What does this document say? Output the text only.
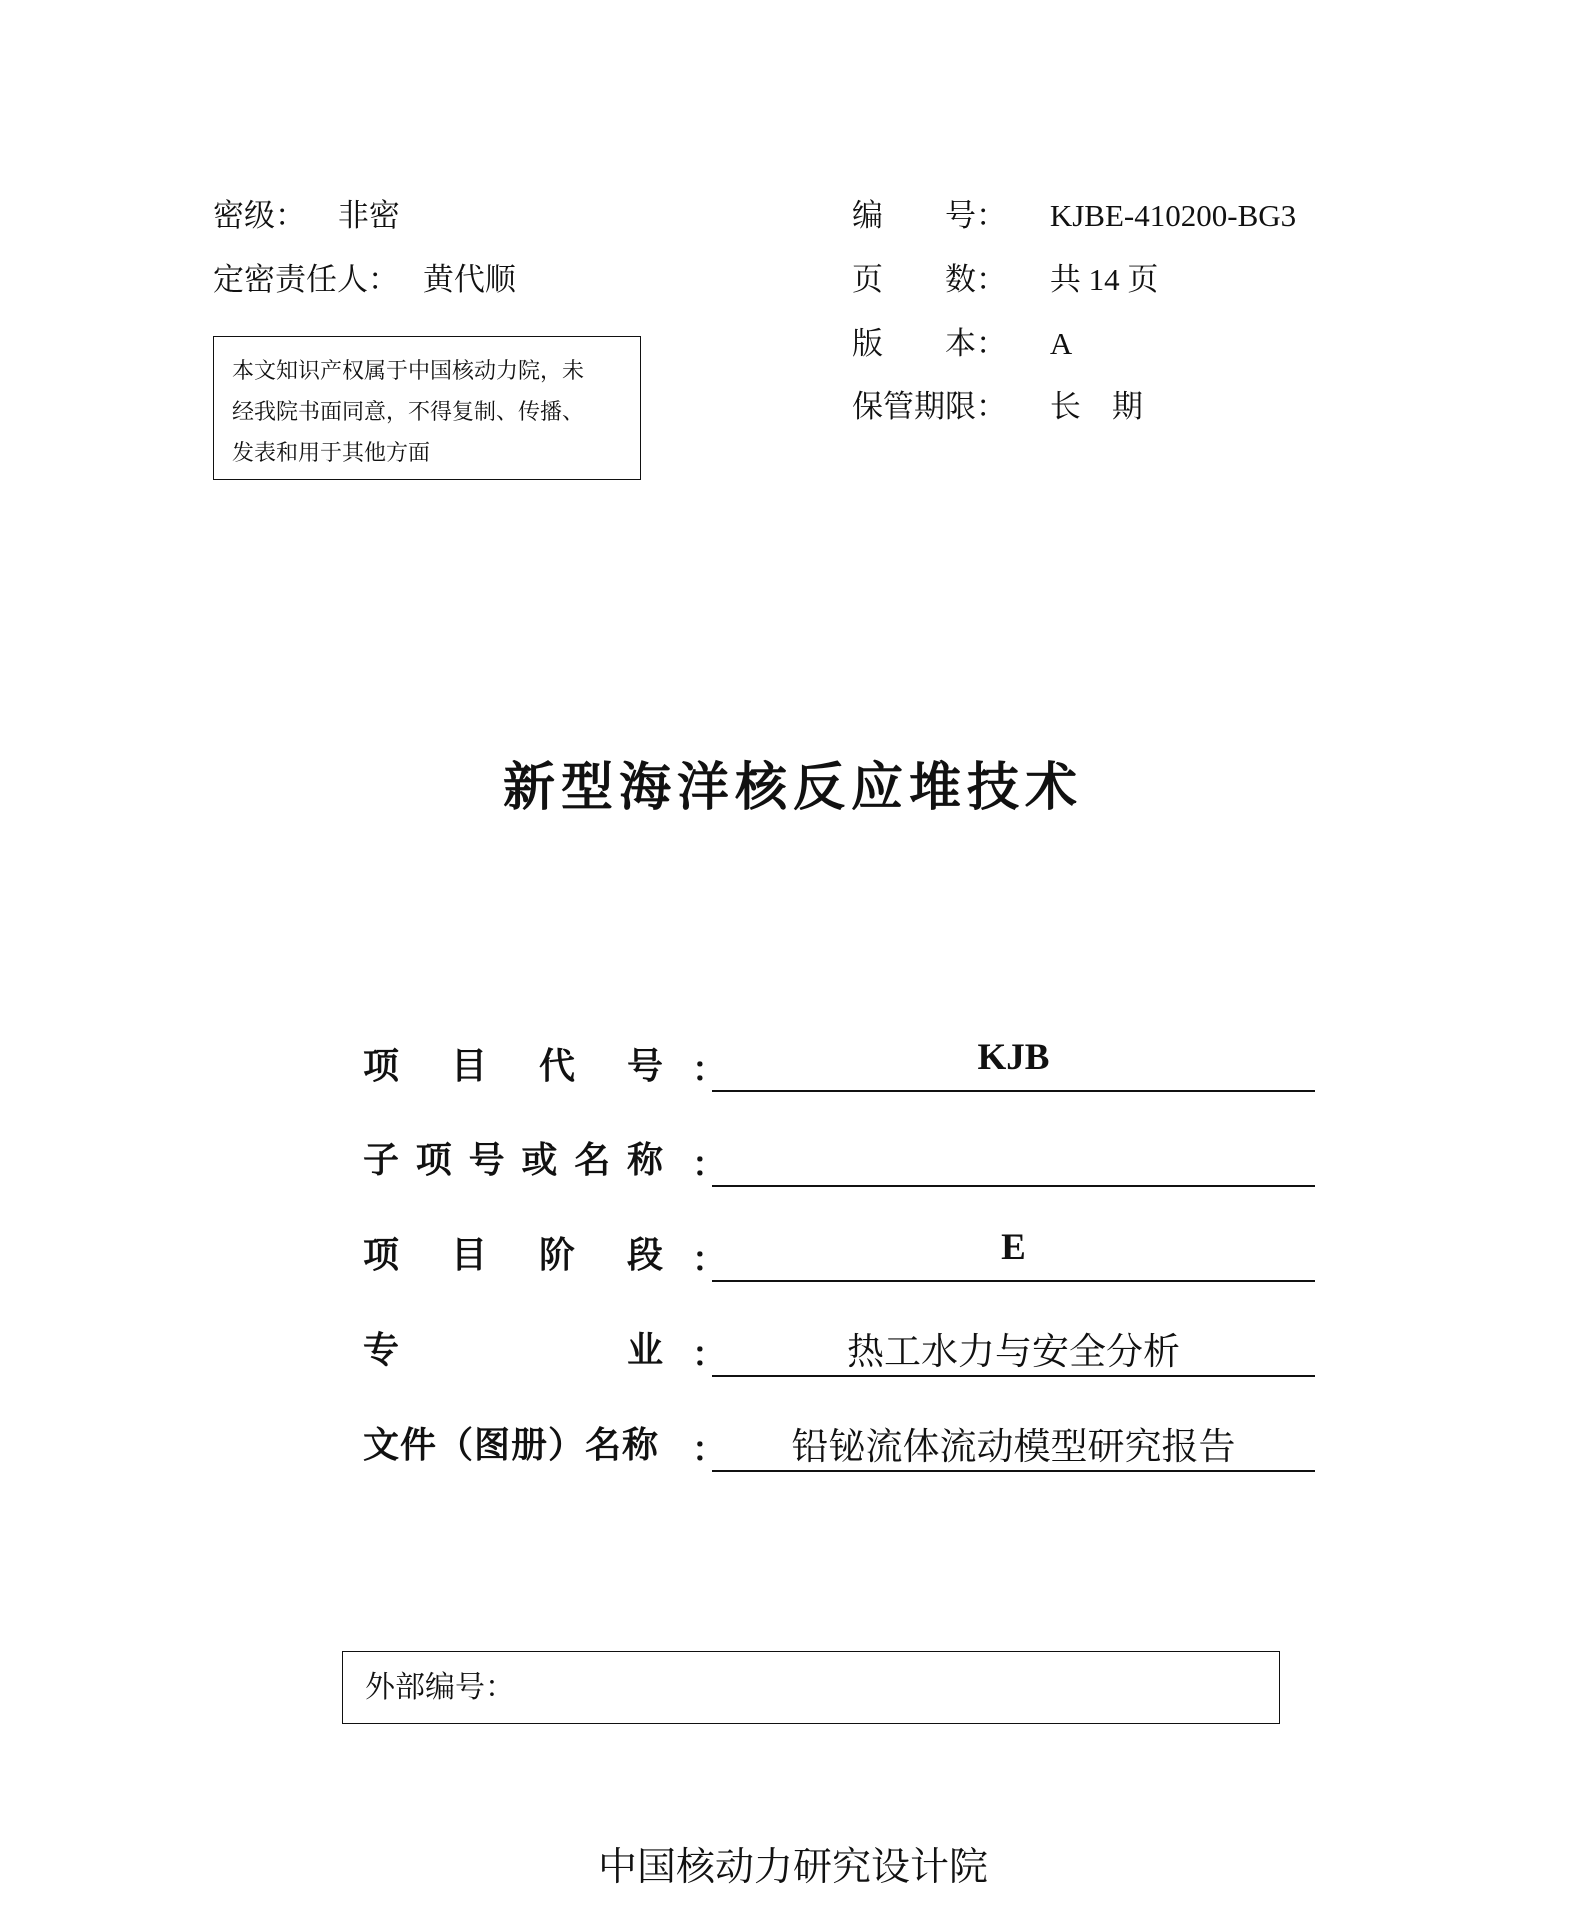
密级： 非密
定密责任人： 黄代顺
本文知识产权属于中国核动力院，未
经我院书面同意，不得复制、传播、
发表和用于其他方面
编　　号： KJBE-410200-BG3
页　　数： 共 14 页
版　　本： A
保管期限： 长　期
新型海洋核反应堆技术
项 目 代 号 ：	KJB
子 项 号 或 名 称 ：
项 目 阶 段 ：	E
专	业 ：	热工水力与安全分析
文件（图册）名称 ：	铅铋流体流动模型研究报告
外部编号：
中国核动力研究设计院
